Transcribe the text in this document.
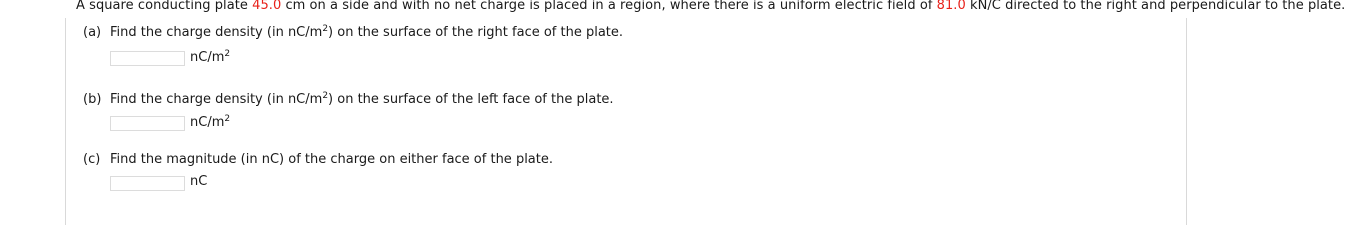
A square conducting plate 45.0 cm on a side and with no net charge is placed in a region, where there is a uniform electric field of 81.0 kN/C directed to the right and perpendicular to the plate.
(a) Find the charge density (in $nC/m^2$) on the surface of the right face of the plate.
$nC/m^2$
(b) Find the charge density (in $nC/m^2$) on the surface of the left face of the plate.
$nC/m^2$
(c) Find the magnitude (in nC) of the charge on either face of the plate.
nC
